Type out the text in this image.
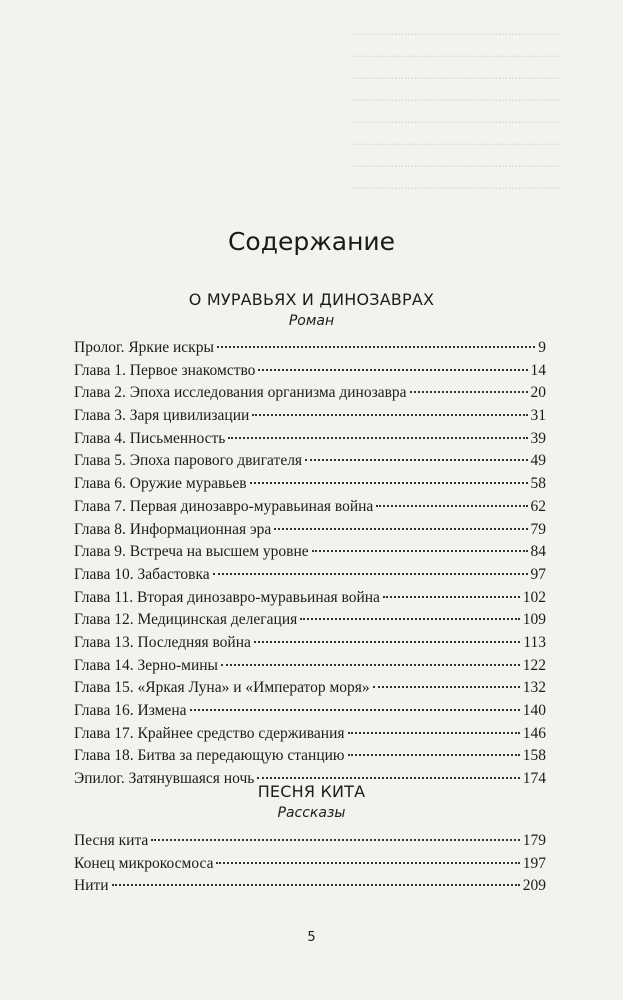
................................................................
................................................................
................................................................
................................................................
................................................................
................................................................
................................................................
................................................................
Содержание
О МУРАВЬЯХ И ДИНОЗАВРАХ
Роман
Пролог. Яркие искры	9
Глава 1. Первое знакомство	14
Глава 2. Эпоха исследования организма динозавра	20
Глава 3. Заря цивилизации	31
Глава 4. Письменность	39
Глава 5. Эпоха парового двигателя	49
Глава 6. Оружие муравьев	58
Глава 7. Первая динозавро-муравьиная война	62
Глава 8. Информационная эра	79
Глава 9. Встреча на высшем уровне	84
Глава 10. Забастовка	97
Глава 11. Вторая динозавро-муравьиная война	102
Глава 12. Медицинская делегация	109
Глава 13. Последняя война	113
Глава 14. Зерно-мины	122
Глава 15. «Яркая Луна» и «Император моря»	132
Глава 16. Измена	140
Глава 17. Крайнее средство сдерживания	146
Глава 18. Битва за передающую станцию	158
Эпилог. Затянувшаяся ночь	174
ПЕСНЯ КИТА
Рассказы
Песня кита	179
Конец микрокосмоса	197
Нити	209
5
